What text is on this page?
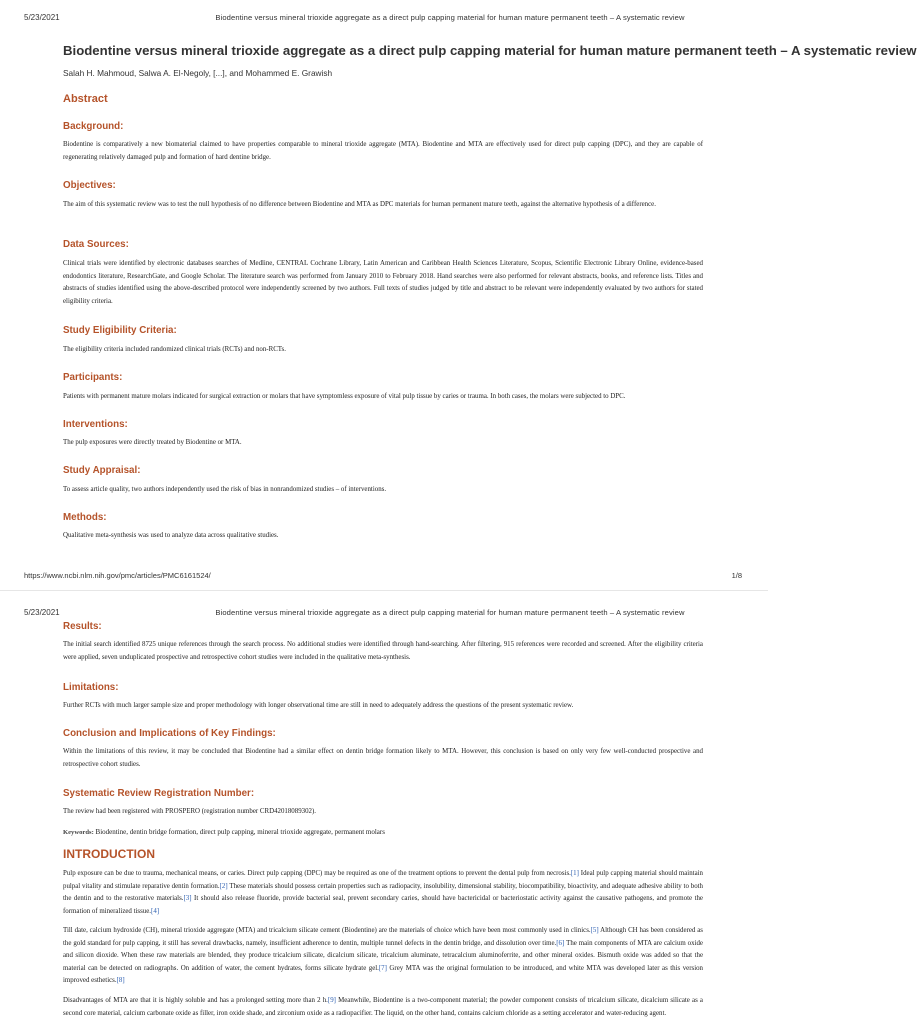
5/23/2021	Biodentine versus mineral trioxide aggregate as a direct pulp capping material for human mature permanent teeth – A systematic review
Biodentine versus mineral trioxide aggregate as a direct pulp capping material for human mature permanent teeth – A systematic review
Salah H. Mahmoud, Salwa A. El-Negoly, [...], and Mohammed E. Grawish
Abstract
Background:

Biodentine is comparatively a new biomaterial claimed to have properties comparable to mineral trioxide aggregate (MTA). Biodentine and MTA are effectively used for direct pulp capping (DPC), and they are capable of regenerating relatively damaged pulp and formation of hard dentine bridge.

Objectives:

The aim of this systematic review was to test the null hypothesis of no difference between Biodentine and MTA as DPC materials for human permanent mature teeth, against the alternative hypothesis of a difference.

Data Sources:

Clinical trials were identified by electronic databases searches of Medline, CENTRAL Cochrane Library, Latin American and Caribbean Health Sciences Literature, Scopus, Scientific Electronic Library Online, evidence-based endodontics literature, ResearchGate, and Google Scholar. The literature search was performed from January 2010 to February 2018. Hand searches were also performed for relevant abstracts, books, and reference lists. Titles and abstracts of studies identified using the above-described protocol were independently screened by two authors. Full texts of studies judged by title and abstract to be relevant were independently evaluated by two authors for stated eligibility criteria.

Study Eligibility Criteria:

The eligibility criteria included randomized clinical trials (RCTs) and non-RCTs.

Participants:

Patients with permanent mature molars indicated for surgical extraction or molars that have symptomless exposure of vital pulp tissue by caries or trauma. In both cases, the molars were subjected to DPC.

Interventions:

The pulp exposures were directly treated by Biodentine or MTA.

Study Appraisal:

To assess article quality, two authors independently used the risk of bias in nonrandomized studies – of interventions.

Methods:

Qualitative meta-synthesis was used to analyze data across qualitative studies.

https://www.ncbi.nlm.nih.gov/pmc/articles/PMC6161524/	1/8
5/23/2021	Biodentine versus mineral trioxide aggregate as a direct pulp capping material for human mature permanent teeth – A systematic review
Results:

The initial search identified 8725 unique references through the search process. No additional studies were identified through hand-searching. After filtering, 915 references were recorded and screened. After the eligibility criteria were applied, seven unduplicated prospective and retrospective cohort studies were included in the qualitative meta-synthesis.

Limitations:

Further RCTs with much larger sample size and proper methodology with longer observational time are still in need to adequately address the questions of the present systematic review.

Conclusion and Implications of Key Findings:

Within the limitations of this review, it may be concluded that Biodentine had a similar effect on dentin bridge formation likely to MTA. However, this conclusion is based on only very few well-conducted prospective and retrospective cohort studies.

Systematic Review Registration Number:

The review had been registered with PROSPERO (registration number CRD42018089302).

Keywords: Biodentine, dentin bridge formation, direct pulp capping, mineral trioxide aggregate, permanent molars
INTRODUCTION

Pulp exposure can be due to trauma, mechanical means, or caries. Direct pulp capping (DPC) may be required as one of the treatment options to prevent the dental pulp from necrosis.[1] Ideal pulp capping material should maintain pulpal vitality and stimulate reparative dentin formation.[2] These materials should possess certain properties such as radiopacity, insolubility, dimensional stability, biocompatibility, bioactivity, and adequate adhesive ability to both the dentin and to the restorative materials.[3] It should also release fluoride, provide bacterial seal, prevent secondary caries, should have bactericidal or bacteriostatic activity against the causative pathogens, and promote the formation of mineralized tissue.[4]

Till date, calcium hydroxide (CH), mineral trioxide aggregate (MTA) and tricalcium silicate cement (Biodentine) are the materials of choice which have been most commonly used in clinics.[5] Although CH has been considered as the gold standard for pulp capping, it still has several drawbacks, namely, insufficient adherence to dentin, multiple tunnel defects in the dentin bridge, and dissolution over time.[6] The main components of MTA are calcium oxide and silicon dioxide. When these raw materials are blended, they produce tricalcium silicate, dicalcium silicate, tricalcium aluminate, tetracalcium aluminoferrite, and other mineral oxides. Bismuth oxide was added so that the material can be detected on radiographs. On addition of water, the cement hydrates, forms silicate hydrate gel.[7] Grey MTA was the original formulation to be introduced, and white MTA was developed later as this version improved esthetics.[8]

Disadvantages of MTA are that it is highly soluble and has a prolonged setting more than 2 h.[9] Meanwhile, Biodentine is a two-component material; the powder component consists of tricalcium silicate, dicalcium silicate as a second core material, calcium carbonate oxide as filler, iron oxide shade, and zirconium oxide as a radiopacifier. The liquid, on the other hand, contains calcium chloride as a setting accelerator and water-reducing agent.
